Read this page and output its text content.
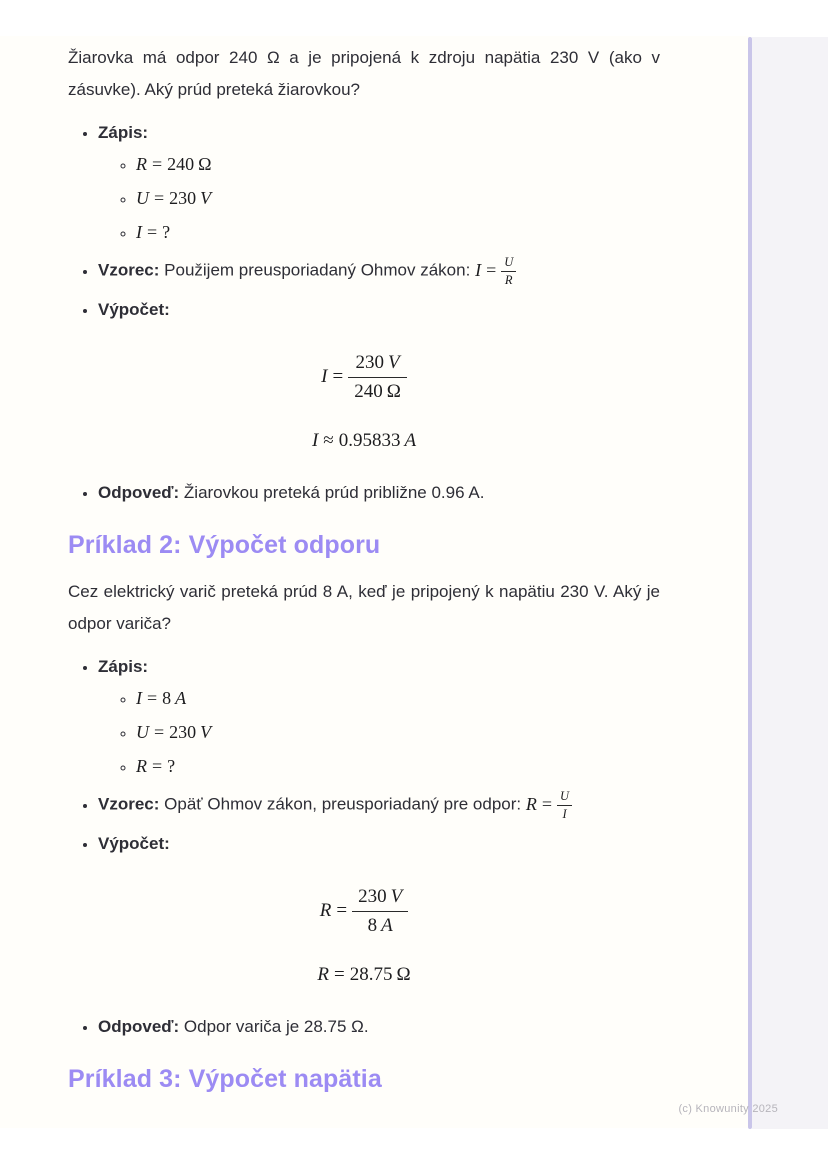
Žiarovka má odpor 240 Ω a je pripojená k zdroju napätia 230 V (ako v zásuvke). Aký prúd preteká žiarovkou?

• Zápis:
◦ R = 240 Ω
◦ U = 230 V
◦ I = ?
• Vzorec: Použijem preusporiadaný Ohmov zákon: $I = \frac{U}{R}$
• Výpočet:
$I = \frac{230 V}{240 \Omega}$
I ≈ 0.95833 A
• Odpoveď: Žiarovkou preteká prúd približne 0.96 A.
Príklad 2: Výpočet odporu

Cez elektrický varič preteká prúd 8 A, keď je pripojený k napätiu 230 V. Aký je odpor variča?

• Zápis:
◦ I = 8 A
◦ U = 230 V
◦ R = ?
• Vzorec: Opäť Ohmov zákon, preusporiadaný pre odpor: $R = \frac{U}{I}$
• Výpočet:
$R = \frac{230 V}{8 A}$
R = 28.75 Ω
• Odpoveď: Odpor variča je 28.75 Ω.
Príklad 3: Výpočet napätia
(c) Knowunity 2025
